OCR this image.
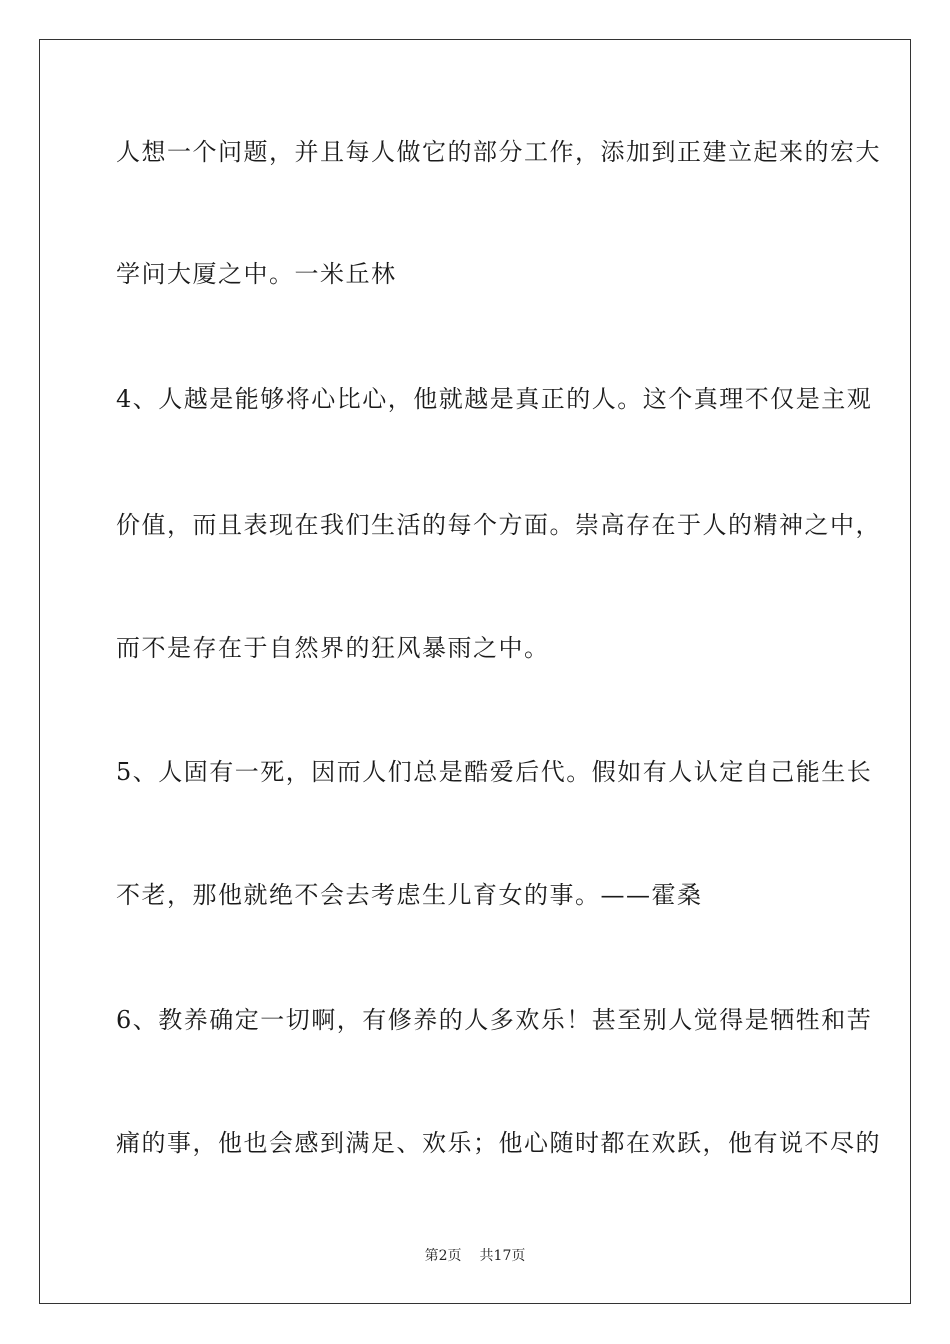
人想一个问题，并且每人做它的部分工作，添加到正建立起来的宏大

学问大厦之中。一米丘林

4、人越是能够将心比心，他就越是真正的人。这个真理不仅是主观

价值，而且表现在我们生活的每个方面。崇高存在于人的精神之中，

而不是存在于自然界的狂风暴雨之中。

5、人固有一死，因而人们总是酷爱后代。假如有人认定自己能生长

不老，那他就绝不会去考虑生儿育女的事。——霍桑

6、教养确定一切啊，有修养的人多欢乐！甚至别人觉得是牺牲和苦

痛的事，他也会感到满足、欢乐；他心随时都在欢跃，他有说不尽的

第2页 共17页
